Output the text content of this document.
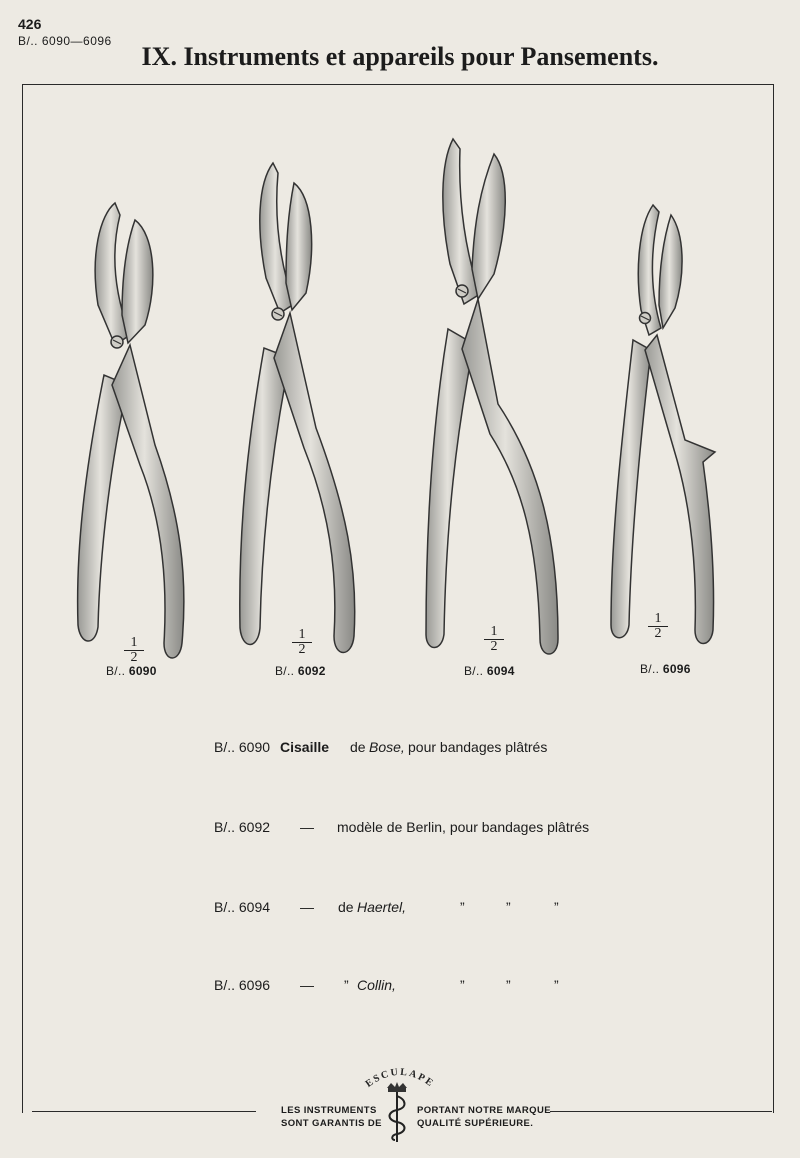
426
B/.. 6090—6096
IX. Instruments et appareils pour Pansements.
$\frac{1}{2}$
B/.. 6090
$\frac{1}{2}$
B/.. 6092
$\frac{1}{2}$
B/.. 6094
$\frac{1}{2}$
B/.. 6096
B/.. 6090 Cisaille de Bose, pour bandages plâtrés
B/.. 6092 — modèle de Berlin, pour bandages plâtrés
B/.. 6094 — de Haertel,	”	”	”
B/.. 6096 — ” Collin,	”	”	”
ESCULAPE
LES INSTRUMENTS
SONT GARANTIS DE
PORTANT NOTRE MARQUE
QUALITÉ SUPÉRIEURE.
